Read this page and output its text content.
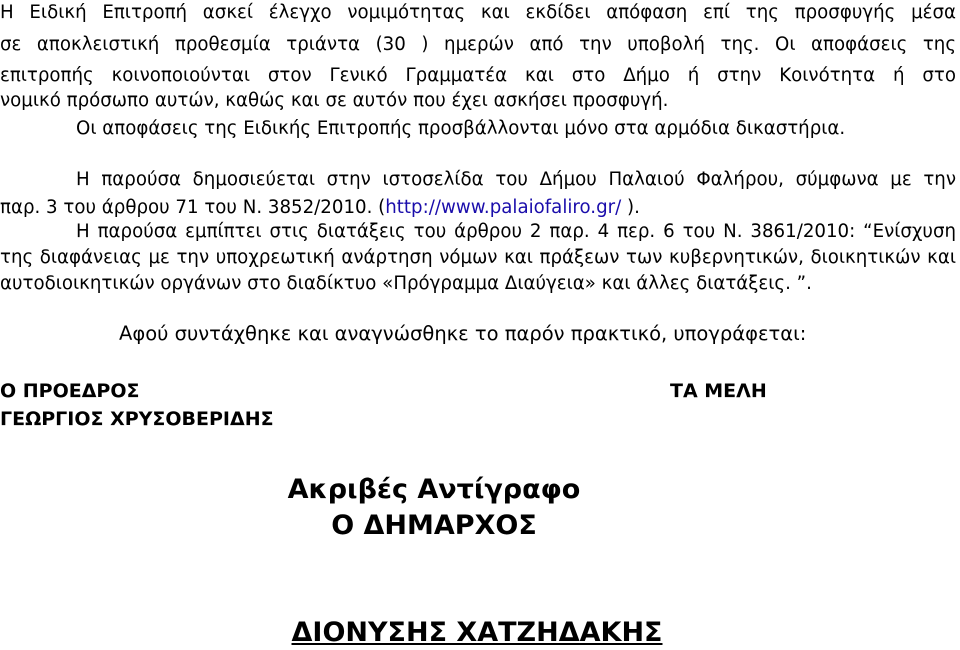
Η Ειδική Επιτροπή ασκεί έλεγχο νομιμότητας και εκδίδει απόφαση επί της προσφυγής μέσα
σε αποκλειστική προθεσμία τριάντα (30 ) ημερών από την υποβολή της. Οι αποφάσεις της
επιτροπής κοινοποιούνται στον Γενικό Γραμματέα και στο Δήμο ή στην Κοινότητα ή στο
νομικό πρόσωπο αυτών, καθώς και σε αυτόν που έχει ασκήσει προσφυγή.
Οι αποφάσεις της Ειδικής Επιτροπής προσβάλλονται μόνο στα αρμόδια δικαστήρια.
Η παρούσα δημοσιεύεται στην ιστοσελίδα του Δήμου Παλαιού Φαλήρου, σύμφωνα με την
παρ. 3 του άρθρου 71 του Ν. 3852/2010. (http://www.palaiofaliro.gr/ ).
Η παρούσα εμπίπτει στις διατάξεις του άρθρου 2 παρ. 4 περ. 6 του Ν. 3861/2010: “Ενίσχυση
της διαφάνειας με την υποχρεωτική ανάρτηση νόμων και πράξεων των κυβερνητικών, διοικητικών και
αυτοδιοικητικών οργάνων στο διαδίκτυο «Πρόγραμμα Διαύγεια» και άλλες διατάξεις. ”.
Αφού συντάχθηκε και αναγνώσθηκε το παρόν πρακτικό, υπογράφεται:
Ο ΠΡΟΕΔΡΟΣ
ΓΕΩΡΓΙΟΣ ΧΡΥΣΟΒΕΡΙΔΗΣ
ΤΑ ΜΕΛΗ
Ακριβές Αντίγραφο
Ο ΔΗΜΑΡΧΟΣ
ΔΙΟΝΥΣΗΣ ΧΑΤΖΗΔΑΚΗΣ
